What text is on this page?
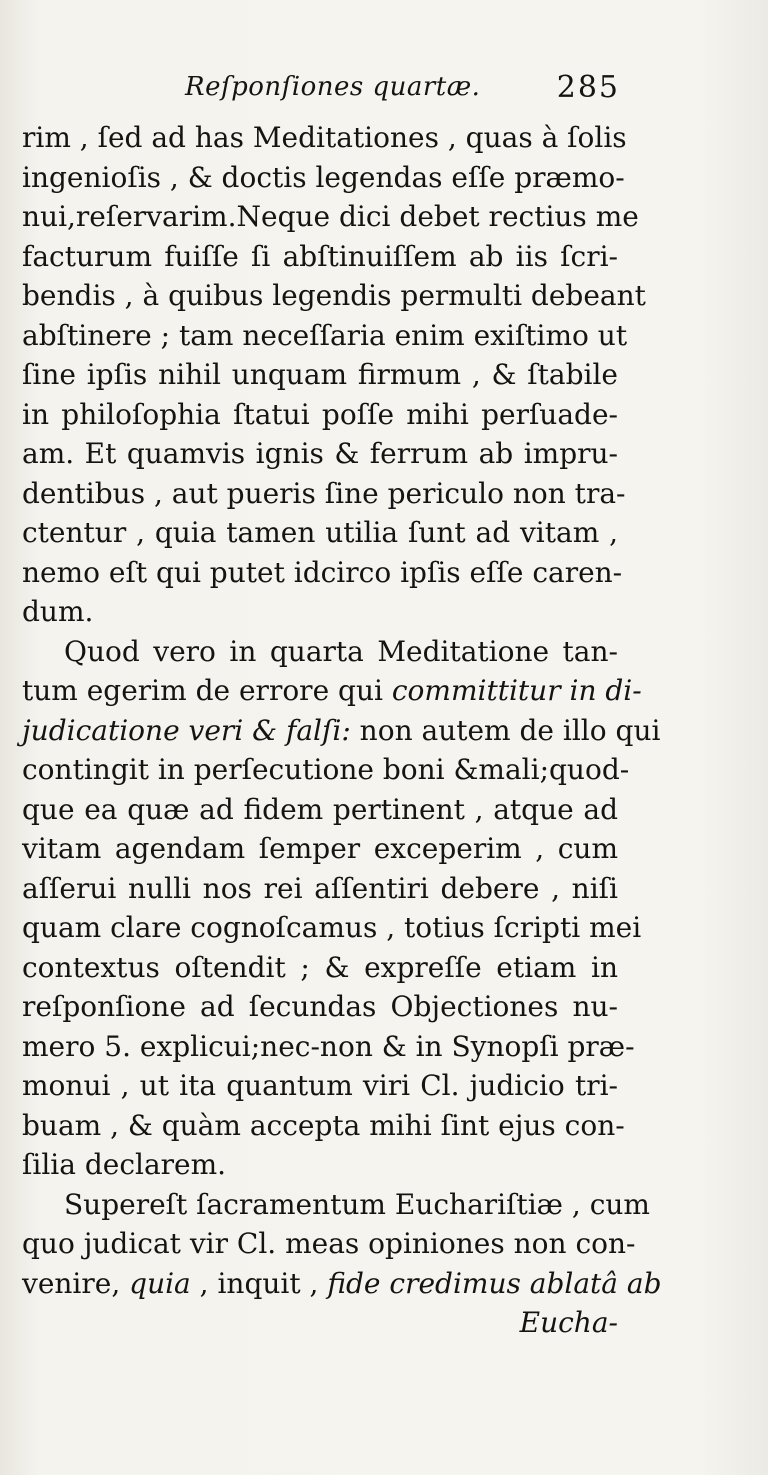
Reſponſiones quartæ.	285
rim , ſed ad has Meditationes , quas à ſolis
ingenioſis , & doctis legendas eſſe præmo-
nui,reſervarim.Neque dici debet rectius me
facturum fuiſſe ſi abſtinuiſſem ab iis ſcri-
bendis , à quibus legendis permulti debeant
abſtinere ; tam neceſſaria enim exiſtimo ut
ſine ipſis nihil unquam firmum , & ſtabile
in philoſophia ſtatui poſſe mihi perſuade-
am. Et quamvis ignis & ferrum ab impru-
dentibus , aut pueris ſine periculo non tra-
ctentur , quia tamen utilia ſunt ad vitam ,
nemo eſt qui putet idcirco ipſis eſſe caren-
dum.
Quod vero in quarta Meditatione tan-
tum egerim de errore qui committitur in di-
judicatione veri & falſi: non autem de illo qui
contingit in perſecutione boni &mali;quod-
que ea quæ ad fidem pertinent , atque ad
vitam agendam ſemper exceperim , cum
aſſerui nulli nos rei aſſentiri debere , niſi
quam clare cognoſcamus , totius ſcripti mei
contextus oſtendit ; & expreſſe etiam in
reſponſione ad ſecundas Objectiones nu-
mero 5. explicui;nec-non & in Synopſi præ-
monui , ut ita quantum viri Cl. judicio tri-
buam , & quàm accepta mihi ſint ejus con-
ſilia declarem.
Supereſt ſacramentum Euchariſtiæ , cum
quo judicat vir Cl. meas opiniones non con-
venire, quia , inquit , fide credimus ablatâ ab
Eucha-
